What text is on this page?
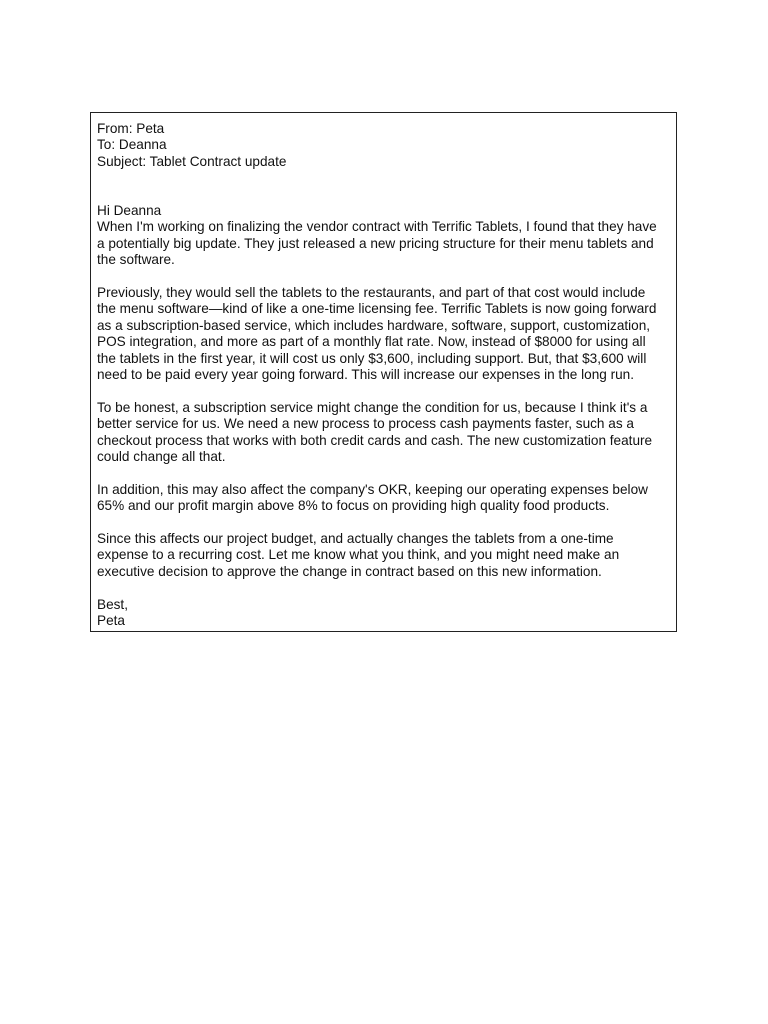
From: Peta
To: Deanna
Subject: Tablet Contract update
Hi Deanna
When I'm working on finalizing the vendor contract with Terrific Tablets, I found that they have
a potentially big update. They just released a new pricing structure for their menu tablets and
the software.
Previously, they would sell the tablets to the restaurants, and part of that cost would include
the menu software—kind of like a one-time licensing fee. Terrific Tablets is now going forward
as a subscription-based service, which includes hardware, software, support, customization,
POS integration, and more as part of a monthly flat rate. Now, instead of $8000 for using all
the tablets in the first year, it will cost us only $3,600, including support. But, that $3,600 will
need to be paid every year going forward. This will increase our expenses in the long run.
To be honest, a subscription service might change the condition for us, because I think it's a
better service for us. We need a new process to process cash payments faster, such as a
checkout process that works with both credit cards and cash. The new customization feature
could change all that.
In addition, this may also affect the company's OKR, keeping our operating expenses below
65% and our profit margin above 8% to focus on providing high quality food products.
Since this affects our project budget, and actually changes the tablets from a one-time
expense to a recurring cost. Let me know what you think, and you might need make an
executive decision to approve the change in contract based on this new information.
Best,
Peta
